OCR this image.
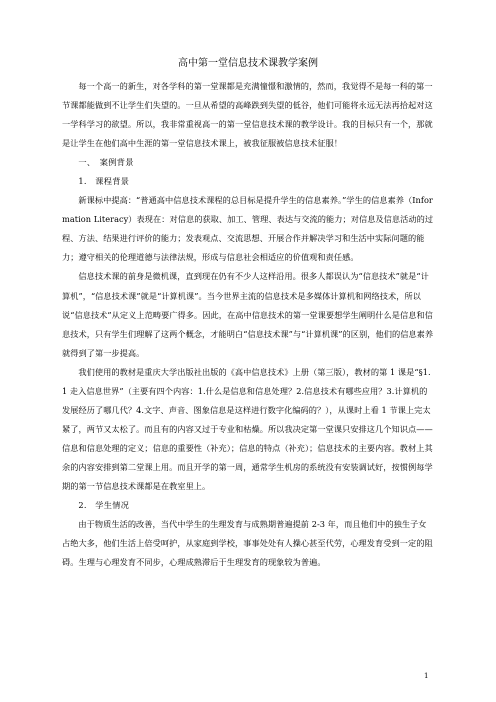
高中第一堂信息技术课教学案例

每一个高一的新生，对各学科的第一堂课都是充满憧憬和激情的，然而，我觉得不是每一科的第一节课都能做到不让学生们失望的。一旦从希望的高峰跌到失望的低谷，他们可能将永远无法再拾起对这一学科学习的欲望。所以，我非常重视高一的第一堂信息技术课的教学设计。我的目标只有一个，那就是让学生在他们高中生涯的第一堂信息技术课上，被我征服被信息技术征服！

一、　案例背景

1.　课程背景

新课标中提高：“普通高中信息技术课程的总目标是提升学生的信息素养。”学生的信息素养（Information Literacy）表现在：对信息的获取、加工、管理、表达与交流的能力；对信息及信息活动的过程、方法、结果进行评价的能力；发表观点、交流思想、开展合作并解决学习和生活中实际问题的能力；遵守相关的伦理道德与法律法规，形成与信息社会相适应的价值观和责任感。

信息技术课的前身是微机课，直到现在仍有不少人这样沿用。很多人都误认为“信息技术”就是“计算机”，“信息技术课”就是“计算机课”。当今世界主流的信息技术是多媒体计算机和网络技术，所以说“信息技术”从定义上范畴要广得多。因此，在高中信息技术的第一堂课要想学生阐明什么是信息和信息技术，只有学生们理解了这两个概念，才能明白“信息技术课”与“计算机课”的区别，他们的信息素养就得到了第一步提高。

我们使用的教材是重庆大学出版社出版的《高中信息技术》上册（第三版），教材的第 1 课是“§1.1 走入信息世界”（主要有四个内容：1.什么是信息和信息处理？2.信息技术有哪些应用？3.计算机的发展经历了哪几代？4.文字、声音、图象信息是这样进行数字化编码的？），从课时上看 1 节课上完太紧了，两节又太松了。而且有的内容又过于专业和枯燥。所以我决定第一堂课只安排这几个知识点——信息和信息处理的定义；信息的重要性（补充）；信息的特点（补充）；信息技术的主要内容。教材上其余的内容安排到第二堂课上用。而且开学的第一周，通常学生机房的系统没有安装调试好，按惯例每学期的第一节信息技术课都是在教室里上。

2.　学生情况

由于物质生活的改善，当代中学生的生理发育与成熟期普遍提前 2-3 年，而且他们中的独生子女占绝大多，他们生活上倍受呵护，从家庭到学校，事事处处有人操心甚至代劳，心理发育受到一定的阻碍。生理与心理发育不同步，心理成熟滞后于生理发育的现象较为普遍。

1
